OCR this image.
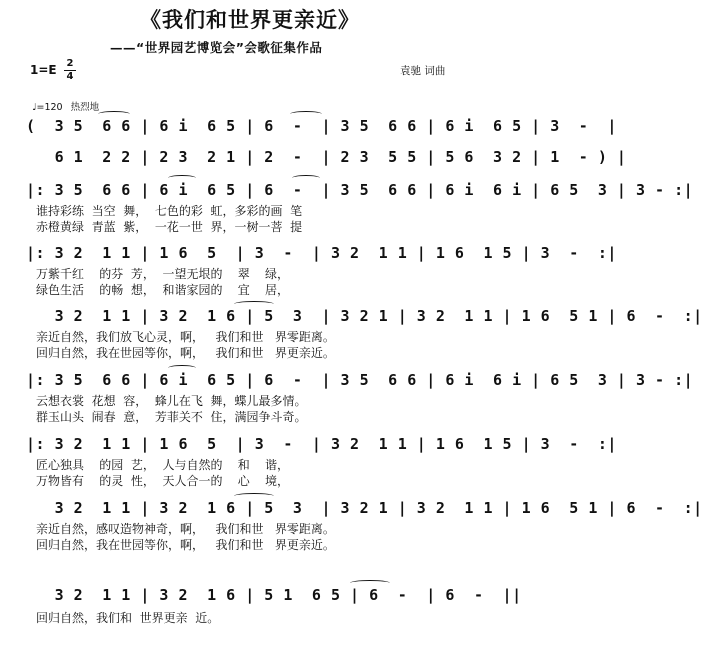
《我们和世界更亲近》
——“世界园艺博览会”会歌征集作品
1=E 2
4	袁驰 词曲
♩=120 热烈地
(  3 5  6 6 | 6 i  6 5 | 6  -  | 3 5  6 6 | 6 i  6 5 | 3  -  |
6 1  2 2 | 2 3  2 1 | 2  -  | 2 3  5 5 | 5 6  3 2 | 1  - ) |
|: 3 5  6 6 | 6 i  6 5 | 6  -  | 3 5  6 6 | 6 i  6 i | 6 5  3 | 3 - :|
谁持彩练  当空  舞，  七色的彩  虹，多彩的画  笔
赤橙黄绿  青蓝  紫，  一花一世  界，一树一菩  提
|: 3 2  1 1 | 1 6  5  | 3  -  | 3 2  1 1 | 1 6  1 5 | 3  -  :|
万紫千红    的芬  芳，  一望无垠的    翠    绿，
绿色生活    的畅  想，  和谐家园的    宜    居，
3 2  1 1 | 3 2  1 6 | 5  3  | 3 2 1 | 3 2  1 1 | 1 6  5 1 | 6  -  :|
亲近自然，我们放飞心灵，啊，   我们和世   界零距离。
回归自然，我在世园等你，啊，   我们和世   界更亲近。
|: 3 5  6 6 | 6 i  6 5 | 6  -  | 3 5  6 6 | 6 i  6 i | 6 5  3 | 3 - :|
云想衣裳  花想  容，  蜂儿在飞  舞，蝶儿最多情。
群玉山头  闹春  意，  芳菲关不  住，满园争斗奇。
|: 3 2  1 1 | 1 6  5  | 3  -  | 3 2  1 1 | 1 6  1 5 | 3  -  :|
匠心独具    的园  艺，  人与自然的    和    谐，
万物皆有    的灵  性，  天人合一的    心    境，
3 2  1 1 | 3 2  1 6 | 5  3  | 3 2 1 | 3 2  1 1 | 1 6  5 1 | 6  -  :|
亲近自然，感叹造物神奇，啊，   我们和世   界零距离。
回归自然，我在世园等你，啊，   我们和世   界更亲近。
3 2  1 1 | 3 2  1 6 | 5 1  6 5 | 6  -  | 6  -  ||
回归自然，我们和  世界更亲  近。
